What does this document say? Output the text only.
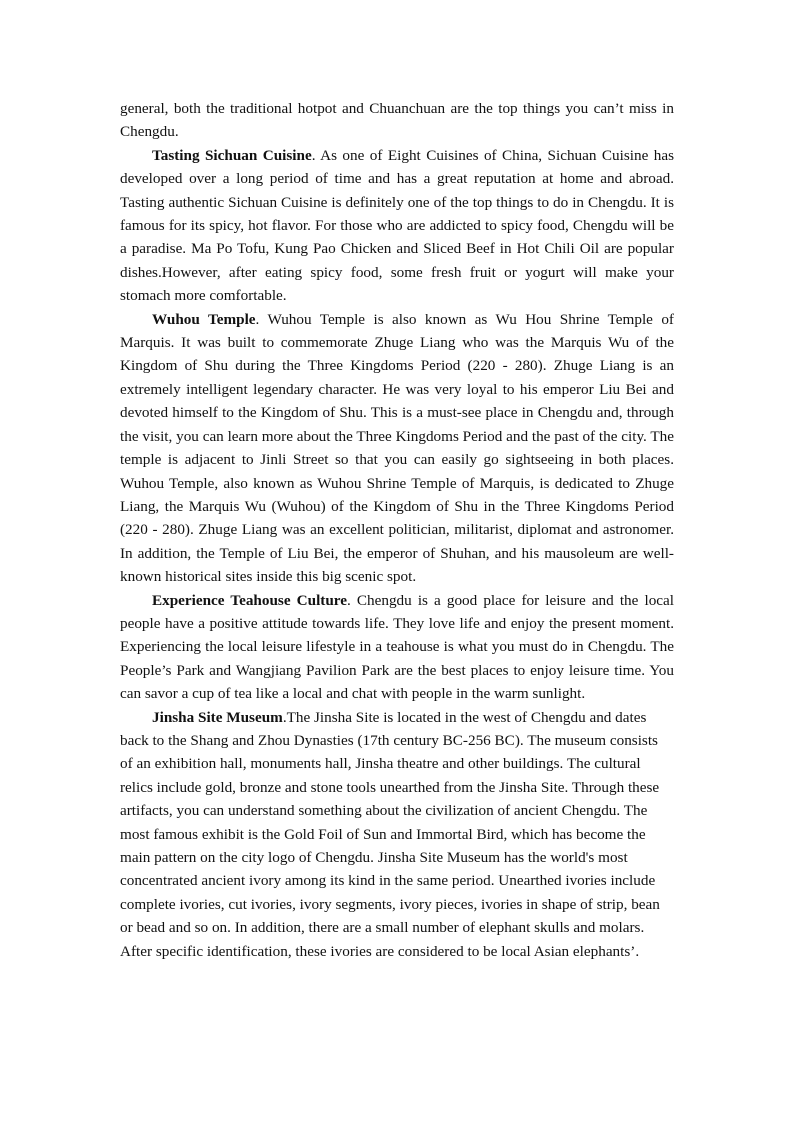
general, both the traditional hotpot and Chuanchuan are the top things you can’t miss in Chengdu.

Tasting Sichuan Cuisine. As one of Eight Cuisines of China, Sichuan Cuisine has developed over a long period of time and has a great reputation at home and abroad. Tasting authentic Sichuan Cuisine is definitely one of the top things to do in Chengdu. It is famous for its spicy, hot flavor. For those who are addicted to spicy food, Chengdu will be a paradise. Ma Po Tofu, Kung Pao Chicken and Sliced Beef in Hot Chili Oil are popular dishes.However, after eating spicy food, some fresh fruit or yogurt will make your stomach more comfortable.

Wuhou Temple. Wuhou Temple is also known as Wu Hou Shrine Temple of Marquis. It was built to commemorate Zhuge Liang who was the Marquis Wu of the Kingdom of Shu during the Three Kingdoms Period (220 - 280). Zhuge Liang is an extremely intelligent legendary character. He was very loyal to his emperor Liu Bei and devoted himself to the Kingdom of Shu. This is a must-see place in Chengdu and, through the visit, you can learn more about the Three Kingdoms Period and the past of the city. The temple is adjacent to Jinli Street so that you can easily go sightseeing in both places. Wuhou Temple, also known as Wuhou Shrine Temple of Marquis, is dedicated to Zhuge Liang, the Marquis Wu (Wuhou) of the Kingdom of Shu in the Three Kingdoms Period (220 - 280). Zhuge Liang was an excellent politician, militarist, diplomat and astronomer. In addition, the Temple of Liu Bei, the emperor of Shuhan, and his mausoleum are well-known historical sites inside this big scenic spot.

Experience Teahouse Culture. Chengdu is a good place for leisure and the local people have a positive attitude towards life. They love life and enjoy the present moment. Experiencing the local leisure lifestyle in a teahouse is what you must do in Chengdu. The People’s Park and Wangjiang Pavilion Park are the best places to enjoy leisure time. You can savor a cup of tea like a local and chat with people in the warm sunlight.

Jinsha Site Museum.The Jinsha Site is located in the west of Chengdu and dates back to the Shang and Zhou Dynasties (17th century BC-256 BC). The museum consists of an exhibition hall, monuments hall, Jinsha theatre and other buildings. The cultural relics include gold, bronze and stone tools unearthed from the Jinsha Site. Through these artifacts, you can understand something about the civilization of ancient Chengdu. The most famous exhibit is the Gold Foil of Sun and Immortal Bird, which has become the main pattern on the city logo of Chengdu. Jinsha Site Museum has the world's most concentrated ancient ivory among its kind in the same period. Unearthed ivories include complete ivories, cut ivories, ivory segments, ivory pieces, ivories in shape of strip, bean or bead and so on. In addition, there are a small number of elephant skulls and molars. After specific identification, these ivories are considered to be local Asian elephants’.
